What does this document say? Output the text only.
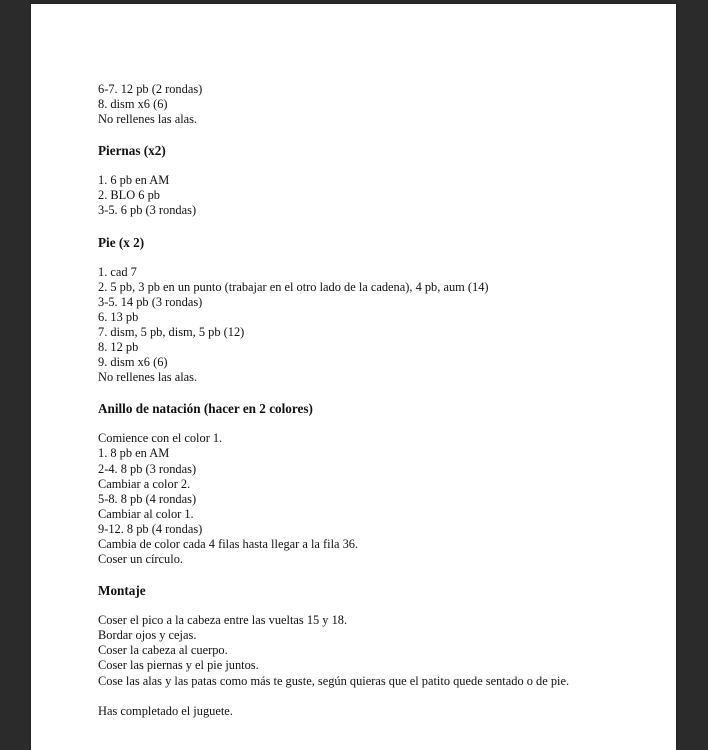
6-7. 12 pb (2 rondas)
8. dism x6 (6)
No rellenes las alas.
Piernas (x2)
1. 6 pb en AM
2. BLO 6 pb
3-5. 6 pb (3 rondas)
Pie (x 2)
1. cad 7
2. 5 pb, 3 pb en un punto (trabajar en el otro lado de la cadena), 4 pb, aum (14)
3-5. 14 pb (3 rondas)
6. 13 pb
7. dism, 5 pb, dism, 5 pb (12)
8. 12 pb
9. dism x6 (6)
No rellenes las alas.
Anillo de natación (hacer en 2 colores)
Comience con el color 1.
1. 8 pb en AM
2-4. 8 pb (3 rondas)
Cambiar a color 2.
5-8. 8 pb (4 rondas)
Cambiar al color 1.
9-12. 8 pb (4 rondas)
Cambia de color cada 4 filas hasta llegar a la fila 36.
Coser un círculo.
Montaje
Coser el pico a la cabeza entre las vueltas 15 y 18.
Bordar ojos y cejas.
Coser la cabeza al cuerpo.
Coser las piernas y el pie juntos.
Cose las alas y las patas como más te guste, según quieras que el patito quede sentado o de pie.
Has completado el juguete.
